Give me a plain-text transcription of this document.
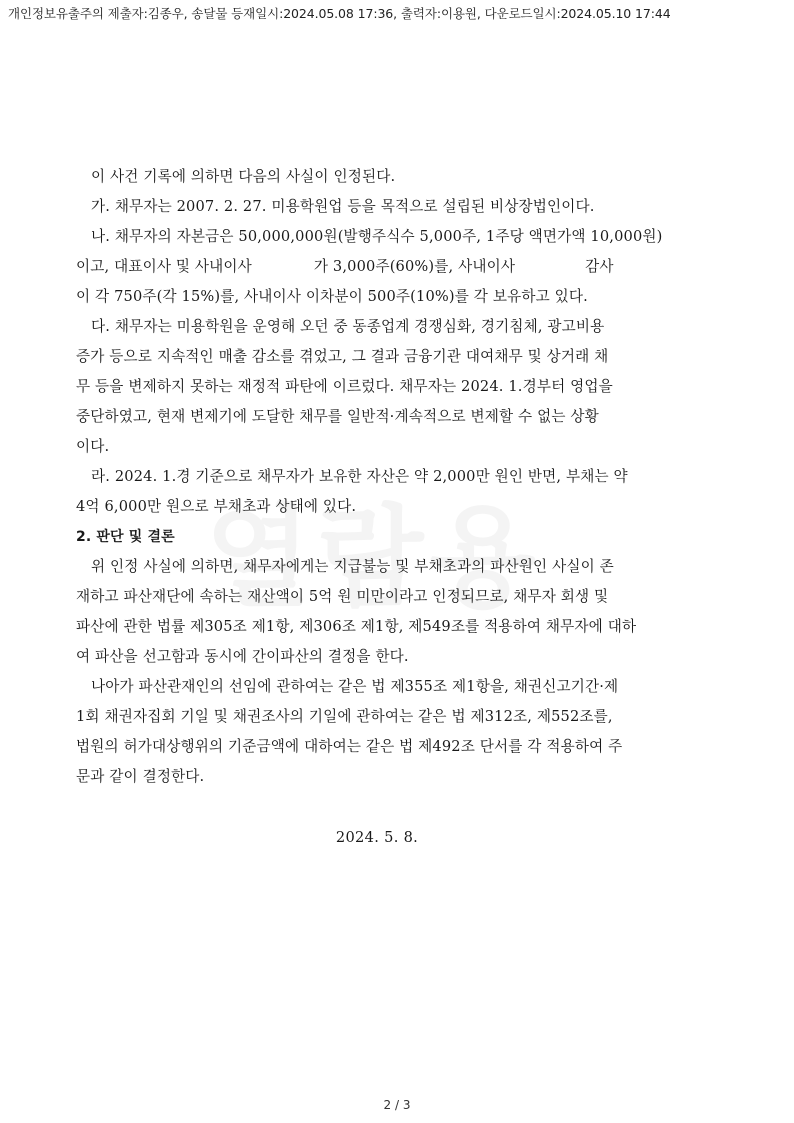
개인정보유출주의 제출자:김종우, 송달물 등재일시:2024.05.08 17:36, 출력자:이용원, 다운로드일시:2024.05.10 17:44

이 사건 기록에 의하면 다음의 사실이 인정된다.

가. 채무자는 2007. 2. 27. 미용학원업 등을 목적으로 설립된 비상장법인이다.

나. 채무자의 자본금은 50,000,000원(발행주식수 5,000주, 1주당 액면가액 10,000원)
이고, 대표이사 및 사내이사	가 3,000주(60%)를, 사내이사	감사
이 각 750주(각 15%)를, 사내이사 이차분이 500주(10%)를 각 보유하고 있다.

다. 채무자는 미용학원을 운영해 오던 중 동종업계 경쟁심화, 경기침체, 광고비용
증가 등으로 지속적인 매출 감소를 겪었고, 그 결과 금융기관 대여채무 및 상거래 채
무 등을 변제하지 못하는 재정적 파탄에 이르렀다. 채무자는 2024. 1.경부터 영업을
중단하였고, 현재 변제기에 도달한 채무를 일반적·계속적으로 변제할 수 없는 상황
이다.

라. 2024. 1.경 기준으로 채무자가 보유한 자산은 약 2,000만 원인 반면, 부채는 약
4억 6,000만 원으로 부채초과 상태에 있다.

2. 판단 및 결론

위 인정 사실에 의하면, 채무자에게는 지급불능 및 부채초과의 파산원인 사실이 존
재하고 파산재단에 속하는 재산액이 5억 원 미만이라고 인정되므로, 채무자 회생 및
파산에 관한 법률 제305조 제1항, 제306조 제1항, 제549조를 적용하여 채무자에 대하
여 파산을 선고함과 동시에 간이파산의 결정을 한다.

나아가 파산관재인의 선임에 관하여는 같은 법 제355조 제1항을, 채권신고기간·제
1회 채권자집회 기일 및 채권조사의 기일에 관하여는 같은 법 제312조, 제552조를,
법원의 허가대상행위의 기준금액에 대하여는 같은 법 제492조 단서를 각 적용하여 주
문과 같이 결정한다.

2024. 5. 8.
2 / 3
